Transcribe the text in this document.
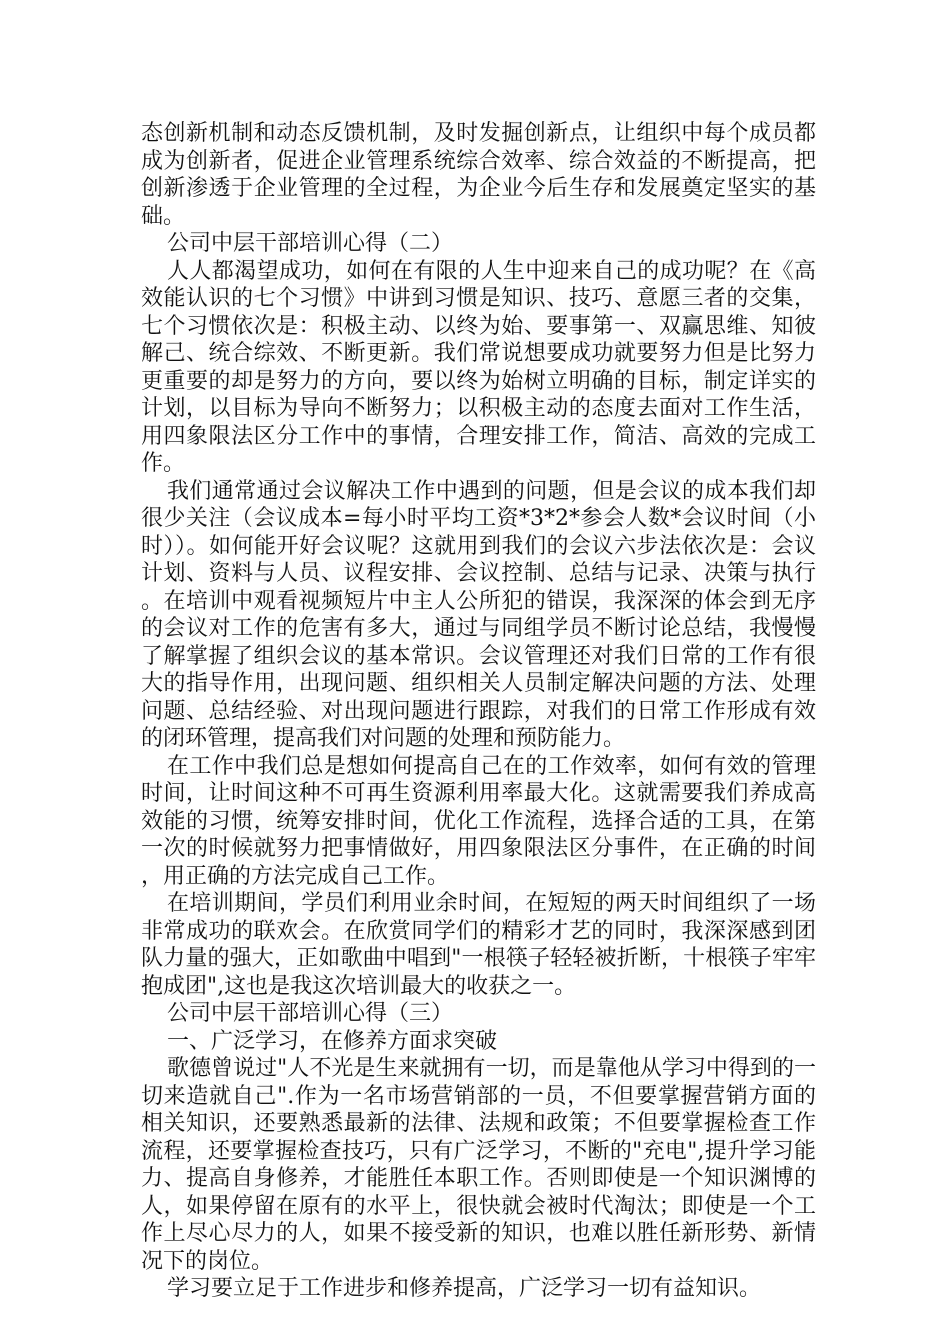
态创新机制和动态反馈机制，及时发掘创新点，让组织中每个成员都成为创新者，促进企业管理系统综合效率、综合效益的不断提高，把创新渗透于企业管理的全过程，为企业今后生存和发展奠定坚实的基础。

公司中层干部培训心得（二）

人人都渴望成功，如何在有限的人生中迎来自己的成功呢？在《高效能认识的七个习惯》中讲到习惯是知识、技巧、意愿三者的交集，七个习惯依次是：积极主动、以终为始、要事第一、双赢思维、知彼解己、统合综效、不断更新。我们常说想要成功就要努力但是比努力更重要的却是努力的方向，要以终为始树立明确的目标，制定详实的计划，以目标为导向不断努力；以积极主动的态度去面对工作生活，用四象限法区分工作中的事情，合理安排工作，简洁、高效的完成工作。

我们通常通过会议解决工作中遇到的问题，但是会议的成本我们却很少关注（会议成本=每小时平均工资*3*2*参会人数*会议时间（小时））。如何能开好会议呢？这就用到我们的会议六步法依次是：会议计划、资料与人员、议程安排、会议控制、总结与记录、决策与执行。在培训中观看视频短片中主人公所犯的错误，我深深的体会到无序的会议对工作的危害有多大，通过与同组学员不断讨论总结，我慢慢了解掌握了组织会议的基本常识。会议管理还对我们日常的工作有很大的指导作用，出现问题、组织相关人员制定解决问题的方法、处理问题、总结经验、对出现问题进行跟踪，对我们的日常工作形成有效的闭环管理，提高我们对问题的处理和预防能力。

在工作中我们总是想如何提高自己在的工作效率，如何有效的管理时间，让时间这种不可再生资源利用率最大化。这就需要我们养成高效能的习惯，统筹安排时间，优化工作流程，选择合适的工具，在第一次的时候就努力把事情做好，用四象限法区分事件，在正确的时间，用正确的方法完成自己工作。

在培训期间，学员们利用业余时间，在短短的两天时间组织了一场非常成功的联欢会。在欣赏同学们的精彩才艺的同时，我深深感到团队力量的强大，正如歌曲中唱到"一根筷子轻轻被折断，十根筷子牢牢抱成团",这也是我这次培训最大的收获之一。

公司中层干部培训心得（三）

一、广泛学习，在修养方面求突破

歌德曾说过"人不光是生来就拥有一切，而是靠他从学习中得到的一切来造就自己".作为一名市场营销部的一员，不但要掌握营销方面的相关知识，还要熟悉最新的法律、法规和政策；不但要掌握检查工作流程，还要掌握检查技巧，只有广泛学习，不断的"充电",提升学习能力、提高自身修养，才能胜任本职工作。否则即使是一个知识渊博的人，如果停留在原有的水平上，很快就会被时代淘汰；即使是一个工作上尽心尽力的人，如果不接受新的知识，也难以胜任新形势、新情况下的岗位。

学习要立足于工作进步和修养提高，广泛学习一切有益知识。
